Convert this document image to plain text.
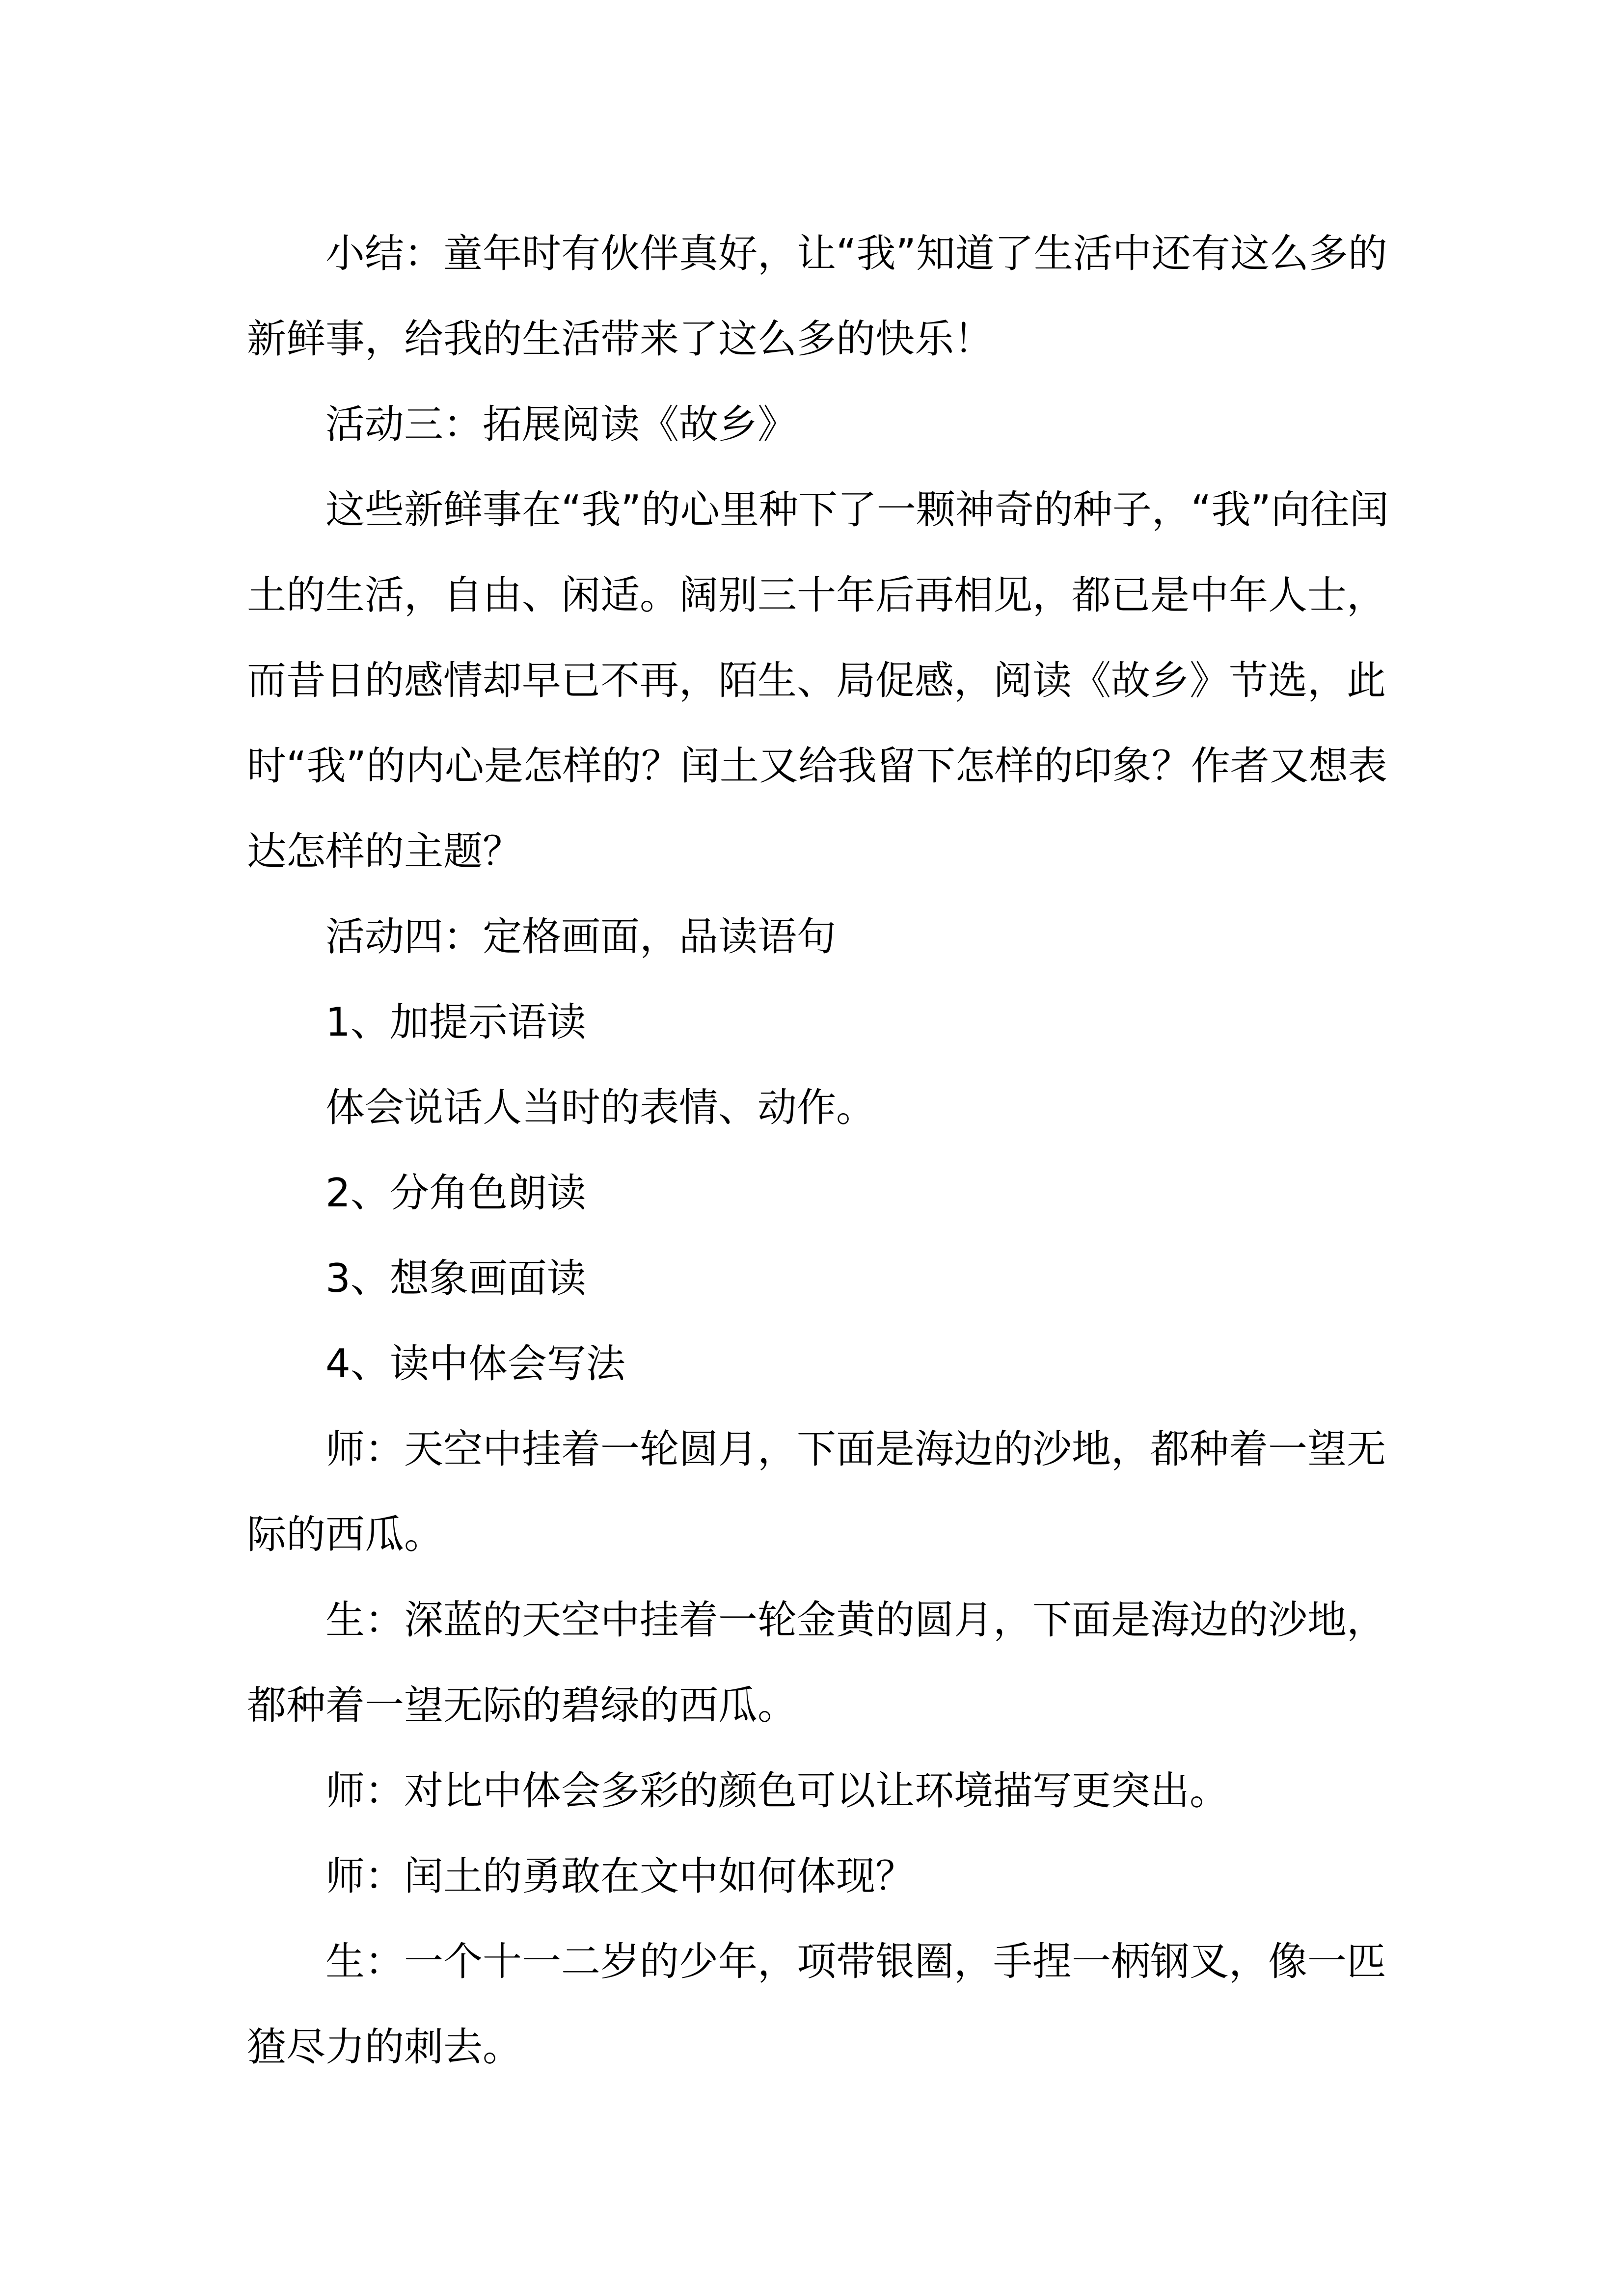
小结：童年时有伙伴真好，让“我”知道了生活中还有这么多的新鲜事，给我的生活带来了这么多的快乐！

活动三：拓展阅读《故乡》

这些新鲜事在“我”的心里种下了一颗神奇的种子，“我”向往闰土的生活，自由、闲适。阔别三十年后再相见，都已是中年人士，而昔日的感情却早已不再，陌生、局促感，阅读《故乡》节选，此时“我”的内心是怎样的？闰土又给我留下怎样的印象？作者又想表达怎样的主题？

活动四：定格画面，品读语句

1、加提示语读

体会说话人当时的表情、动作。

2、分角色朗读

3、想象画面读

4、读中体会写法

师：天空中挂着一轮圆月，下面是海边的沙地，都种着一望无际的西瓜。

生：深蓝的天空中挂着一轮金黄的圆月，下面是海边的沙地，都种着一望无际的碧绿的西瓜。

师：对比中体会多彩的颜色可以让环境描写更突出。

师：闰土的勇敢在文中如何体现？

生：一个十一二岁的少年，项带银圈，手捏一柄钢叉，像一匹猹尽力的刺去。
